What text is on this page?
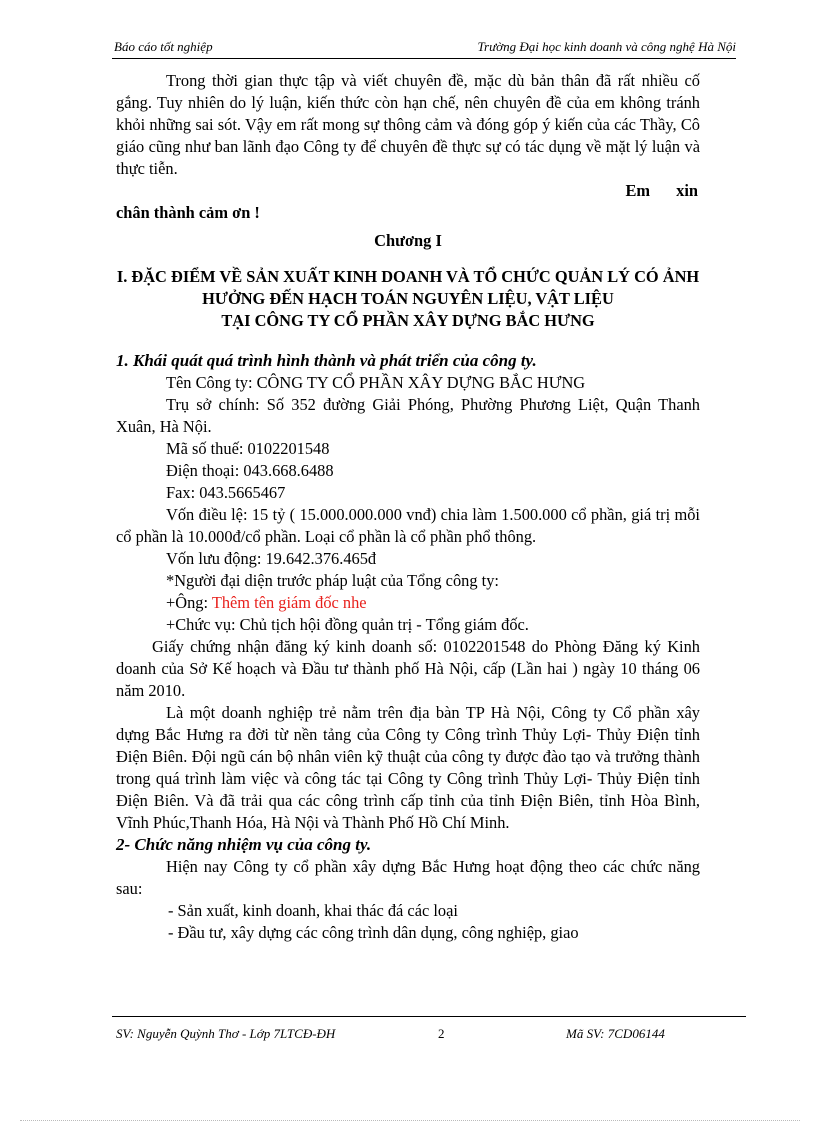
Báo cáo tốt nghiệp	Trường Đại học kinh doanh và công nghệ Hà Nội

Trong thời gian thực tập và viết chuyên đề, mặc dù bản thân đã rất nhiều cố gắng. Tuy nhiên do lý luận, kiến thức còn hạn chế, nên chuyên đề của em không tránh khỏi những sai sót. Vậy em rất mong sự thông cảm và đóng góp ý kiến của các Thầy, Cô giáo cũng như ban lãnh đạo Công ty để chuyên đề thực sự có tác dụng về mặt lý luận và thực tiễn.

Em xin

chân thành cảm ơn !

Chương I

I. ĐẶC ĐIỂM VỀ SẢN XUẤT KINH DOANH VÀ TỔ CHỨC QUẢN LÝ CÓ ẢNH HƯỞNG ĐẾN HẠCH TOÁN NGUYÊN LIỆU, VẬT LIỆU

TẠI CÔNG TY CỔ PHẦN XÂY DỰNG BẮC HƯNG

1. Khái quát quá trình hình thành và phát triển của công ty.

Tên Công ty: CÔNG TY CỔ PHẦN XÂY DỰNG BẮC HƯNG

Trụ sở chính: Số 352 đường Giải Phóng, Phường Phương Liệt, Quận Thanh Xuân, Hà Nội.

Mã số thuế: 0102201548

Điện thoại: 043.668.6488

Fax: 043.5665467

Vốn điều lệ: 15 tỷ ( 15.000.000.000 vnđ) chia làm 1.500.000 cổ phần, giá trị mỗi cổ phần là 10.000đ/cổ phần. Loại cổ phần là cổ phần phổ thông.

Vốn lưu động: 19.642.376.465đ

*Người đại diện trước pháp luật của Tổng công ty:

+Ông: Thêm tên giám đốc nhe

+Chức vụ: Chủ tịch hội đồng quản trị - Tổng giám đốc.

Giấy chứng nhận đăng ký kinh doanh số: 0102201548 do Phòng Đăng ký Kinh doanh của Sở Kế hoạch và Đầu tư thành phố Hà Nội, cấp (Lần hai ) ngày 10 tháng 06 năm 2010.

Là một doanh nghiệp trẻ nằm trên địa bàn TP Hà Nội, Công ty Cổ phần xây dựng Bắc Hưng ra đời từ nền tảng của Công ty Công trình Thủy Lợi- Thủy Điện tỉnh Điện Biên. Đội ngũ cán bộ nhân viên kỹ thuật của công ty được đào tạo và trưởng thành trong quá trình làm việc và công tác tại Công ty Công trình Thủy Lợi- Thủy Điện tỉnh Điện Biên. Và đã trải qua các công trình cấp tỉnh của tỉnh Điện Biên, tỉnh Hòa Bình, Vĩnh Phúc,Thanh Hóa, Hà Nội và Thành Phố Hồ Chí Minh.

2- Chức năng nhiệm vụ của công ty.

Hiện nay Công ty cổ phần xây dựng Bắc Hưng hoạt động theo các chức năng sau:

- Sản xuất, kinh doanh, khai thác đá các loại

- Đầu tư, xây dựng các công trình dân dụng, công nghiệp, giao

SV: Nguyễn Quỳnh Thơ - Lớp 7LTCĐ-ĐH	2	Mã SV: 7CD06144
